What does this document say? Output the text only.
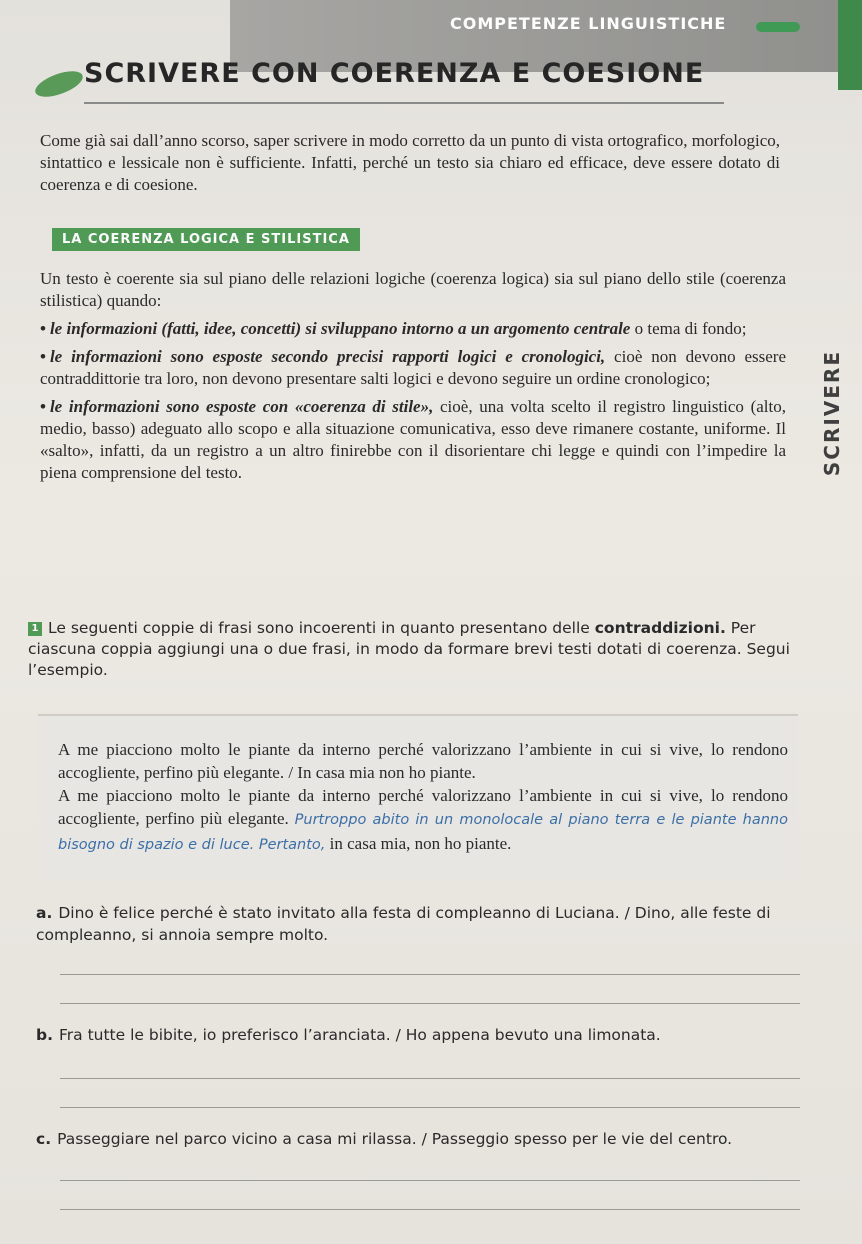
COMPETENZE LINGUISTICHE
SCRIVERE CON COERENZA E COESIONE
Come già sai dall’anno scorso, saper scrivere in modo corretto da un punto di vista ortografico, morfologico, sintattico e lessicale non è sufficiente. Infatti, perché un testo sia chiaro ed efficace, deve essere dotato di coerenza e di coesione.
LA COERENZA LOGICA E STILISTICA

Un testo è coerente sia sul piano delle relazioni logiche (coerenza logica) sia sul piano dello stile (coerenza stilistica) quando:

• le informazioni (fatti, idee, concetti) si sviluppano intorno a un argomento centrale o tema di fondo;
• le informazioni sono esposte secondo precisi rapporti logici e cronologici, cioè non devono essere contraddittorie tra loro, non devono presentare salti logici e devono seguire un ordine cronologico;
• le informazioni sono esposte con «coerenza di stile», cioè, una volta scelto il registro linguistico (alto, medio, basso) adeguato allo scopo e alla situazione comunicativa, esso deve rimanere costante, uniforme. Il «salto», infatti, da un registro a un altro finirebbe con il disorientare chi legge e quindi con l’impedire la piena comprensione del testo.	SCRIVERE
1 Le seguenti coppie di frasi sono incoerenti in quanto presentano delle contraddizioni. Per ciascuna coppia aggiungi una o due frasi, in modo da formare brevi testi dotati di coerenza. Segui l’esempio.
A me piacciono molto le piante da interno perché valorizzano l’ambiente in cui si vive, lo rendono accogliente, perfino più elegante. / In casa mia non ho piante.
A me piacciono molto le piante da interno perché valorizzano l’ambiente in cui si vive, lo rendono accogliente, perfino più elegante. Purtroppo abito in un monolocale al piano terra e le piante hanno bisogno di spazio e di luce. Pertanto, in casa mia, non ho piante.
a. Dino è felice perché è stato invitato alla festa di compleanno di Luciana. / Dino, alle feste di compleanno, si annoia sempre molto.
b. Fra tutte le bibite, io preferisco l’aranciata. / Ho appena bevuto una limonata.
c. Passeggiare nel parco vicino a casa mi rilassa. / Passeggio spesso per le vie del centro.
